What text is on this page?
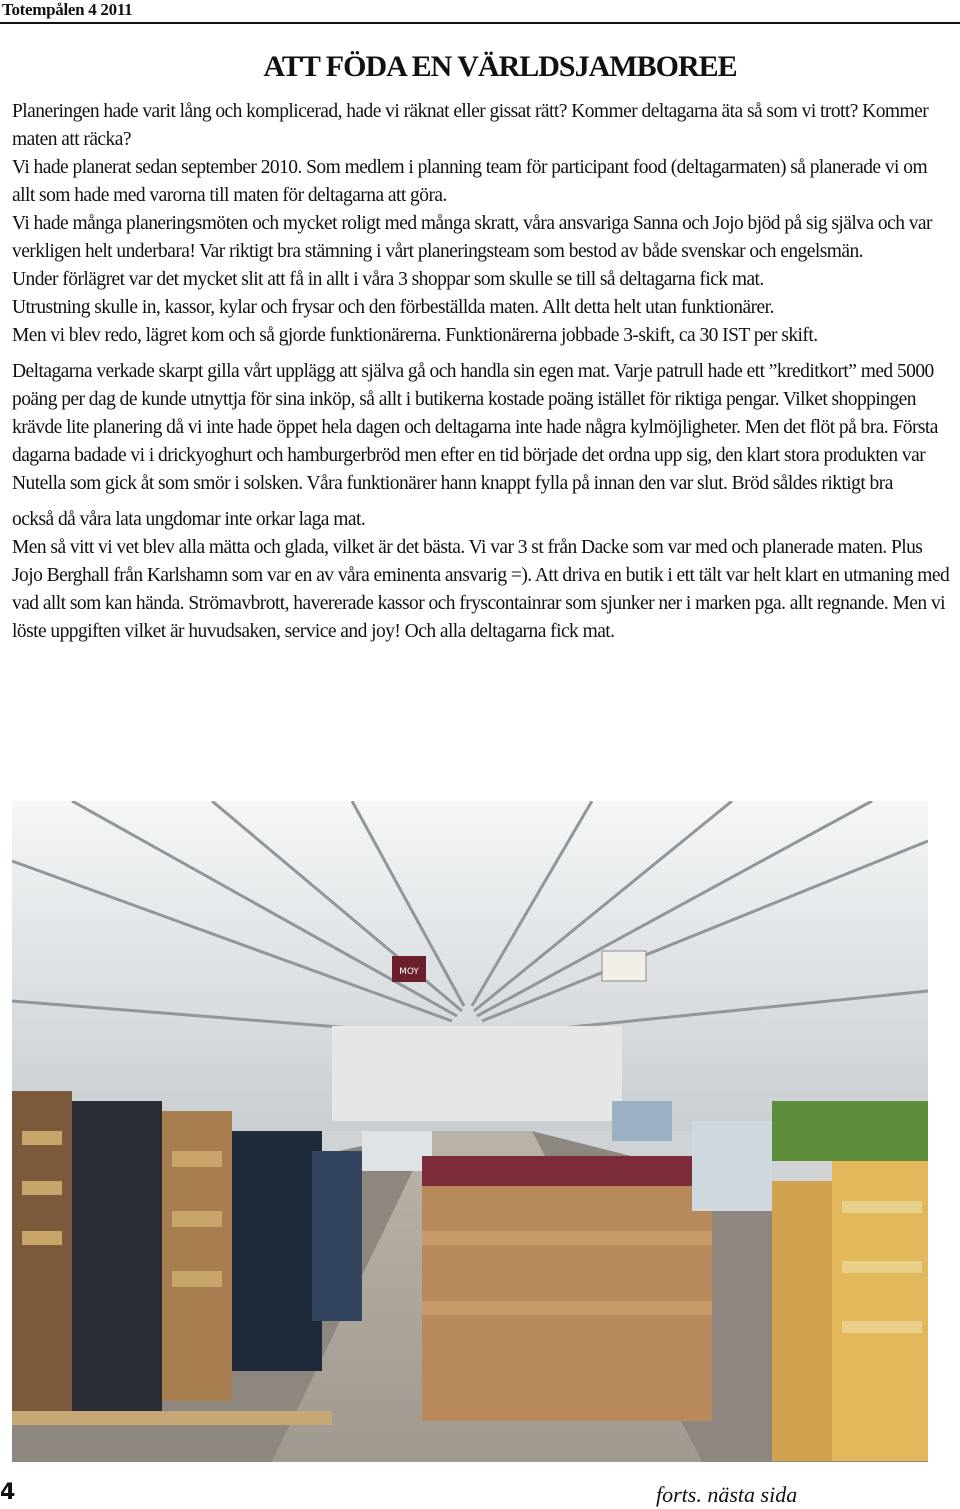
Totempålen 4 2011
ATT FÖDA EN VÄRLDSJAMBOREE

Planeringen hade varit lång och komplicerad, hade vi räknat eller gissat rätt? Kommer deltagarna äta så som vi trott? Kommer maten att räcka?

Vi hade planerat sedan september 2010. Som medlem i planning team för participant food (deltagarmaten) så planerade vi om allt som hade med varorna till maten för deltagarna att göra.

Vi hade många planeringsmöten och mycket roligt med många skratt, våra ansvariga Sanna och Jojo bjöd på sig själva och var verkligen helt underbara! Var riktigt bra stämning i vårt planeringsteam som bestod av både svenskar och engelsmän.

Under förlägret var det mycket slit att få in allt i våra 3 shoppar som skulle se till så deltagarna fick mat.

Utrustning skulle in, kassor, kylar och frysar och den förbeställda maten. Allt detta helt utan funktionärer.

Men vi blev redo, lägret kom och så gjorde funktionärerna. Funktionärerna jobbade 3-skift, ca 30 IST per skift.

Deltagarna verkade skarpt gilla vårt upplägg att själva gå och handla sin egen mat. Varje patrull hade ett ”kreditkort” med 5000 poäng per dag de kunde utnyttja för sina inköp, så allt i butikerna kostade poäng istället för riktiga pengar. Vilket shoppingen krävde lite planering då vi inte hade öppet hela dagen och deltagarna inte hade några kylmöjligheter. Men det flöt på bra. Första dagarna badade vi i drickyoghurt och hamburgerbröd men efter en tid började det ordna upp sig, den klart stora produkten var Nutella som gick åt som smör i solsken. Våra funktionärer hann knappt fylla på innan den var slut. Bröd såldes riktigt bra

också då våra lata ungdomar inte orkar laga mat.

Men så vitt vi vet blev alla mätta och glada, vilket är det bästa. Vi var 3 st från Dacke som var med och planerade maten. Plus Jojo Berghall från Karlshamn som var en av våra eminenta ansvarig =). Att driva en butik i ett tält var helt klart en utmaning med vad allt som kan hända. Strömavbrott, havererade kassor och fryscontainrar som sjunker ner i marken pga. allt regnande. Men vi löste uppgiften vilket är huvudsaken, service and joy! Och alla deltagarna fick mat.

MOY
4	forts. nästa sida
